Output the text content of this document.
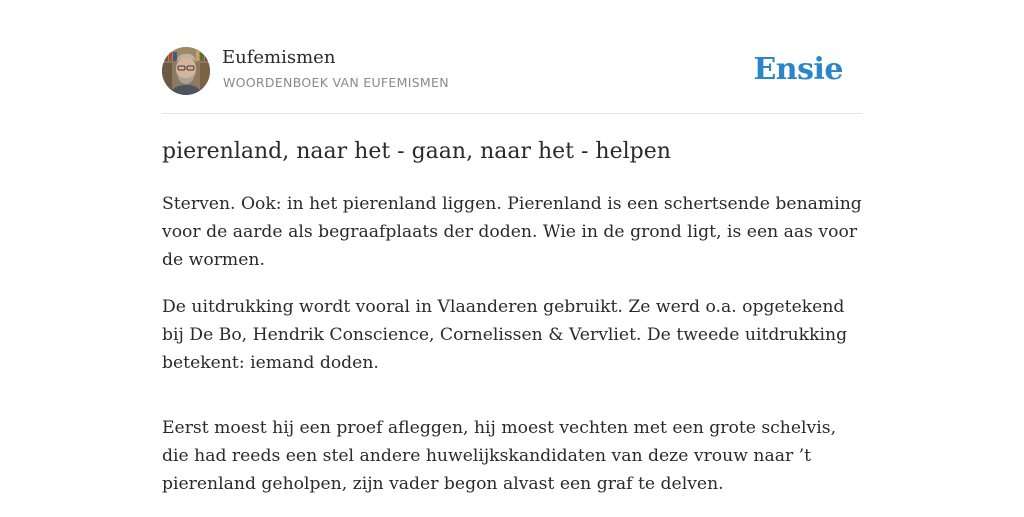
Eufemismen
WOORDENBOEK VAN EUFEMISMEN	Ensie
pierenland, naar het - gaan, naar het - helpen

Sterven. Ook: in het pierenland liggen. Pierenland is een schertsende benaming voor de aarde als begraafplaats der doden. Wie in de grond ligt, is een aas voor de wormen.

De uitdrukking wordt vooral in Vlaanderen gebruikt. Ze werd o.a. opgetekend bij De Bo, Hendrik Conscience, Cornelissen & Vervliet. De tweede uitdrukking betekent: iemand doden.

Eerst moest hij een proef afleggen, hij moest vechten met een grote schelvis, die had reeds een stel andere huwelijkskandidaten van deze vrouw naar ’t pierenland geholpen, zijn vader begon alvast een graf te delven.
